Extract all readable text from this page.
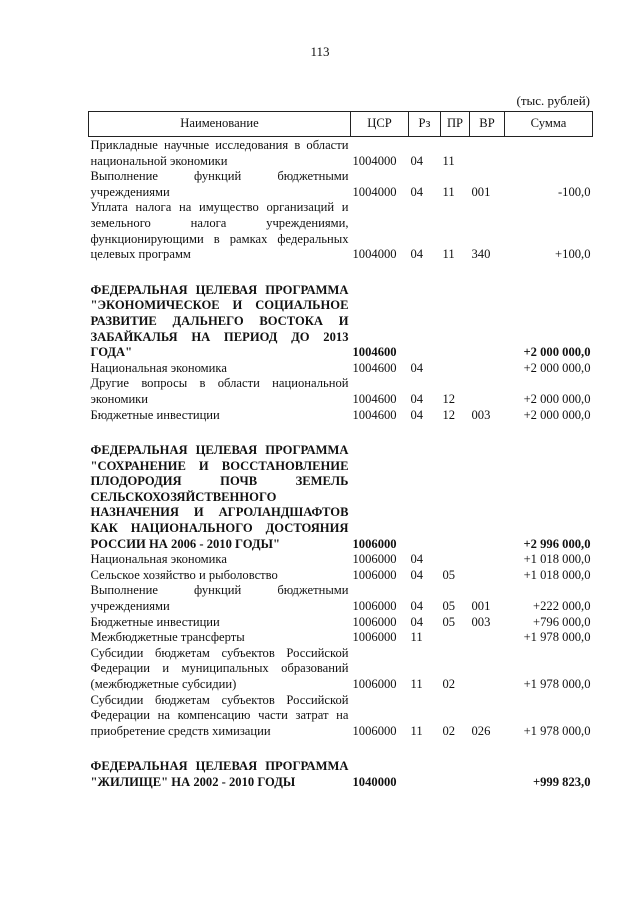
113
(тыс. рублей)
Наименование	ЦСР	Рз	ПР	ВР	Сумма
Прикладные научные исследования в области национальной экономики	1004000	04	11		
Выполнение функций бюджетными учреждениями	1004000	04	11	001	-100,0
Уплата налога на имущество организаций и земельного налога учреждениями, функционирующими в рамках федеральных целевых программ	1004000	04	11	340	+100,0

ФЕДЕРАЛЬНАЯ ЦЕЛЕВАЯ ПРОГРАММА "ЭКОНОМИЧЕСКОЕ И СОЦИАЛЬНОЕ РАЗВИТИЕ ДАЛЬНЕГО ВОСТОКА И ЗАБАЙКАЛЬЯ НА ПЕРИОД ДО 2013 ГОДА"	1004600				+2 000 000,0
Национальная экономика	1004600	04			+2 000 000,0
Другие вопросы в области национальной экономики	1004600	04	12		+2 000 000,0
Бюджетные инвестиции	1004600	04	12	003	+2 000 000,0

ФЕДЕРАЛЬНАЯ ЦЕЛЕВАЯ ПРОГРАММА "СОХРАНЕНИЕ И ВОССТАНОВЛЕНИЕ ПЛОДОРОДИЯ ПОЧВ ЗЕМЕЛЬ СЕЛЬСКОХОЗЯЙСТВЕННОГО НАЗНАЧЕНИЯ И АГРОЛАНДШАФТОВ КАК НАЦИОНАЛЬНОГО ДОСТОЯНИЯ РОССИИ НА 2006 - 2010 ГОДЫ"	1006000				+2 996 000,0
Национальная экономика	1006000	04			+1 018 000,0
Сельское хозяйство и рыболовство	1006000	04	05		+1 018 000,0
Выполнение функций бюджетными учреждениями	1006000	04	05	001	+222 000,0
Бюджетные инвестиции	1006000	04	05	003	+796 000,0
Межбюджетные трансферты	1006000	11			+1 978 000,0
Субсидии бюджетам субъектов Российской Федерации и муниципальных образований (межбюджетные субсидии)	1006000	11	02		+1 978 000,0
Субсидии бюджетам субъектов Российской Федерации на компенсацию части затрат на приобретение средств химизации	1006000	11	02	026	+1 978 000,0

ФЕДЕРАЛЬНАЯ ЦЕЛЕВАЯ ПРОГРАММА "ЖИЛИЩЕ" НА 2002 - 2010 ГОДЫ	1040000				+999 823,0
